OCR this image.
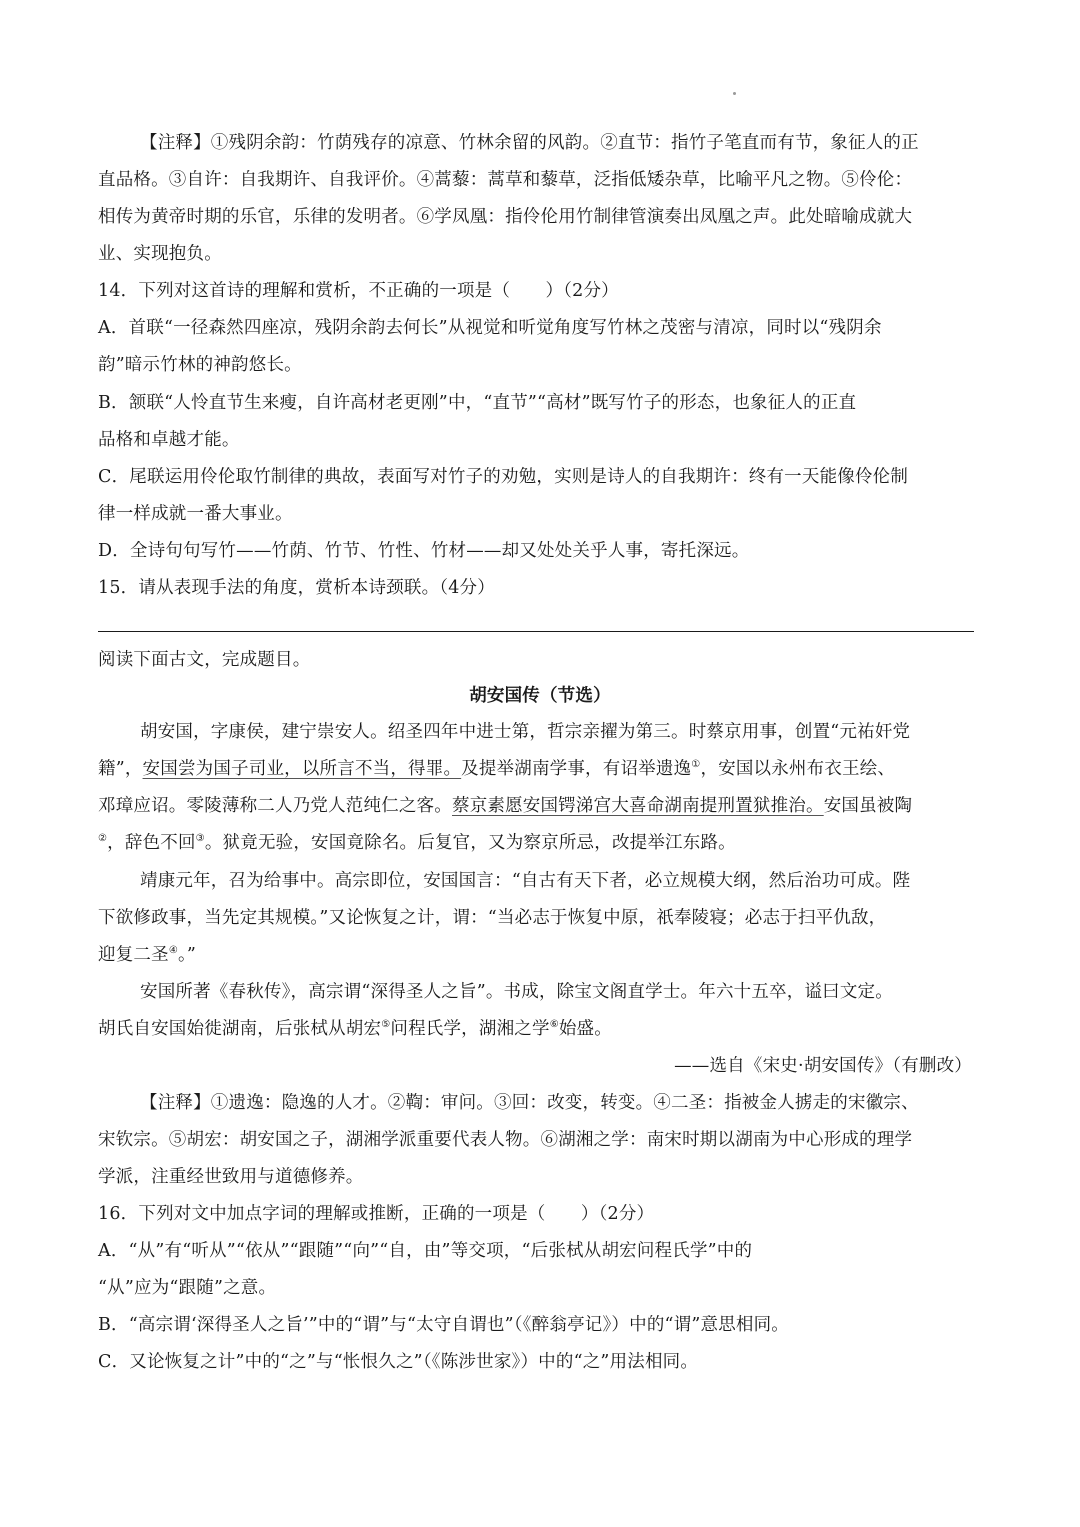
【注释】①残阴余韵：竹荫残存的凉意、竹林余留的风韵。②直节：指竹子笔直而有节，象征人的正
直品格。③自许：自我期许、自我评价。④蒿藜：蒿草和藜草，泛指低矮杂草，比喻平凡之物。⑤伶伦：
相传为黄帝时期的乐官，乐律的发明者。⑥学凤凰：指伶伦用竹制律管演奏出凤凰之声。此处暗喻成就大
业、实现抱负。
14．下列对这首诗的理解和赏析，不正确的一项是（　　）（2分）
A．首联“一径森然四座凉，残阴余韵去何长”从视觉和听觉角度写竹林之茂密与清凉，同时以“残阴余
韵”暗示竹林的神韵悠长。
B．颔联“人怜直节生来瘦，自许高材老更刚”中，“直节”“高材”既写竹子的形态，也象征人的正直
品格和卓越才能。
C．尾联运用伶伦取竹制律的典故，表面写对竹子的劝勉，实则是诗人的自我期许：终有一天能像伶伦制
律一样成就一番大事业。
D．全诗句句写竹——竹荫、竹节、竹性、竹材——却又处处关乎人事，寄托深远。
15．请从表现手法的角度，赏析本诗颈联。（4分）
阅读下面古文，完成题目。
胡安国传（节选）
胡安国，字康侯，建宁崇安人。绍圣四年中进士第，哲宗亲擢为第三。时蔡京用事，创置“元祐奸党
籍”，安国尝为国子司业，以所言不当，得罪。及提举湖南学事，有诏举遗逸①，安国以永州布衣王绘、
邓璋应诏。零陵薄称二人乃党人范纯仁之客。蔡京素愿安国锷涕宫大喜命湖南提刑置狱推治。安国虽被陶
②，辞色不回③。狱竟无验，安国竟除名。后复官，又为察京所忌，改提举江东路。
靖康元年，召为给事中。高宗即位，安国国言：“自古有天下者，必立规模大纲，然后治功可成。陛
下欲修政事，当先定其规模。”又论恢复之计，谓：“当必志于恢复中原，祇奉陵寝；必志于扫平仇敌，
迎复二圣④。”
安国所著《春秋传》，高宗谓“深得圣人之旨”。书成，除宝文阁直学士。年六十五卒，谥曰文定。
胡氏自安国始徙湖南，后张栻从胡宏⑤问程氏学，湖湘之学⑥始盛。
——选自《宋史·胡安国传》（有删改）
【注释】①遗逸：隐逸的人才。②鞫：审问。③回：改变，转变。④二圣：指被金人掳走的宋徽宗、
宋钦宗。⑤胡宏：胡安国之子，湖湘学派重要代表人物。⑥湖湘之学：南宋时期以湖南为中心形成的理学
学派，注重经世致用与道德修养。
16．下列对文中加点字词的理解或推断，正确的一项是（　　）（2分）
A．“从”有“听从”“依从”“跟随”“向”“自，由”等交项，“后张栻从胡宏问程氏学”中的
“从”应为“跟随”之意。
B．“高宗谓‘深得圣人之旨’”中的“谓”与“太守自谓也”（《醉翁亭记》）中的“谓”意思相同。
C．又论恢复之计”中的“之”与“怅恨久之”（《陈涉世家》）中的“之”用法相同。
